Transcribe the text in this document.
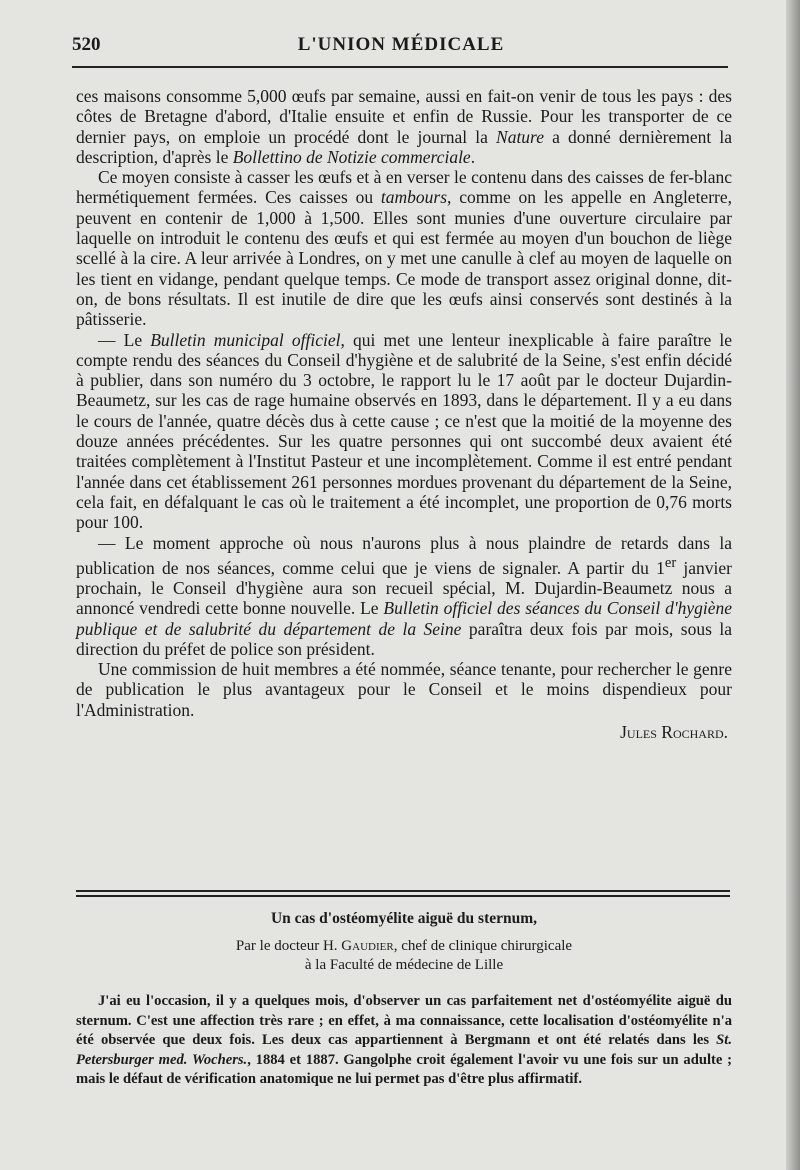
520	L'UNION MÉDICALE

ces maisons consomme 5,000 œufs par semaine, aussi en fait-on venir de tous les pays : des côtes de Bretagne d'abord, d'Italie ensuite et enfin de Russie. Pour les transporter de ce dernier pays, on emploie un procédé dont le journal la Nature a donné dernièrement la description, d'après le Bollettino de Notizie commerciale.

Ce moyen consiste à casser les œufs et à en verser le contenu dans des caisses de fer-blanc hermétiquement fermées. Ces caisses ou tambours, comme on les appelle en Angleterre, peuvent en contenir de 1,000 à 1,500. Elles sont munies d'une ouverture circulaire par laquelle on introduit le contenu des œufs et qui est fermée au moyen d'un bouchon de liège scellé à la cire. A leur arrivée à Londres, on y met une canulle à clef au moyen de laquelle on les tient en vidange, pendant quelque temps. Ce mode de transport assez original donne, dit-on, de bons résultats. Il est inutile de dire que les œufs ainsi conservés sont destinés à la pâtisserie.

— Le Bulletin municipal officiel, qui met une lenteur inexplicable à faire paraître le compte rendu des séances du Conseil d'hygiène et de salubrité de la Seine, s'est enfin décidé à publier, dans son numéro du 3 octobre, le rapport lu le 17 août par le docteur Dujardin-Beaumetz, sur les cas de rage humaine observés en 1893, dans le département. Il y a eu dans le cours de l'année, quatre décès dus à cette cause ; ce n'est que la moitié de la moyenne des douze années précédentes. Sur les quatre personnes qui ont succombé deux avaient été traitées complètement à l'Institut Pasteur et une incomplètement. Comme il est entré pendant l'année dans cet établissement 261 personnes mordues provenant du département de la Seine, cela fait, en défalquant le cas où le traitement a été incomplet, une proportion de 0,76 morts pour 100.

— Le moment approche où nous n'aurons plus à nous plaindre de retards dans la publication de nos séances, comme celui que je viens de signaler. A partir du 1er janvier prochain, le Conseil d'hygiène aura son recueil spécial, M. Dujardin-Beaumetz nous a annoncé vendredi cette bonne nouvelle. Le Bulletin officiel des séances du Conseil d'hygiène publique et de salubrité du département de la Seine paraîtra deux fois par mois, sous la direction du préfet de police son président.

Une commission de huit membres a été nommée, séance tenante, pour rechercher le genre de publication le plus avantageux pour le Conseil et le moins dispendieux pour l'Administration.

Jules Rochard.
Un cas d'ostéomyélite aiguë du sternum,
Par le docteur H. Gaudier, chef de clinique chirurgicale
à la Faculté de médecine de Lille

J'ai eu l'occasion, il y a quelques mois, d'observer un cas parfaitement net d'ostéomyélite aiguë du sternum. C'est une affection très rare ; en effet, à ma connaissance, cette localisation d'ostéomyélite n'a été observée que deux fois. Les deux cas appartiennent à Bergmann et ont été relatés dans les St. Petersburger med. Wochers., 1884 et 1887. Gangolphe croit également l'avoir vu une fois sur un adulte ; mais le défaut de vérification anatomique ne lui permet pas d'être plus affirmatif.
